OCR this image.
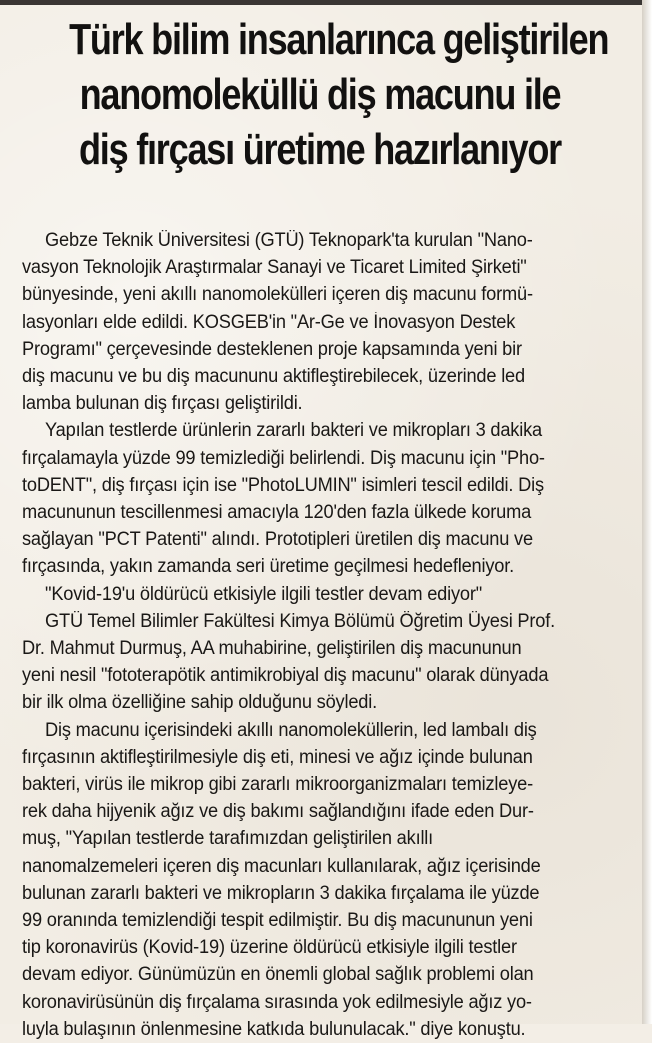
Türk bilim insanlarınca geliştirilen
nanomoleküllü diş macunu ile
diş fırçası üretime hazırlanıyor
Gebze Teknik Üniversitesi (GTÜ) Teknopark'ta kurulan "Nano-
vasyon Teknolojik Araştırmalar Sanayi ve Ticaret Limited Şirketi"
bünyesinde, yeni akıllı nanomolekülleri içeren diş macunu formü-
lasyonları elde edildi. KOSGEB'in "Ar-Ge ve İnovasyon Destek
Programı" çerçevesinde desteklenen proje kapsamında yeni bir
diş macunu ve bu diş macununu aktifleştirebilecek, üzerinde led
lamba bulunan diş fırçası geliştirildi.
Yapılan testlerde ürünlerin zararlı bakteri ve mikropları 3 dakika
fırçalamayla yüzde 99 temizlediği belirlendi. Diş macunu için "Pho-
toDENT", diş fırçası için ise "PhotoLUMIN" isimleri tescil edildi. Diş
macununun tescillenmesi amacıyla 120'den fazla ülkede koruma
sağlayan "PCT Patenti" alındı. Prototipleri üretilen diş macunu ve
fırçasında, yakın zamanda seri üretime geçilmesi hedefleniyor.
"Kovid-19'u öldürücü etkisiyle ilgili testler devam ediyor"
GTÜ Temel Bilimler Fakültesi Kimya Bölümü Öğretim Üyesi Prof.
Dr. Mahmut Durmuş, AA muhabirine, geliştirilen diş macununun
yeni nesil "fototerapötik antimikrobiyal diş macunu" olarak dünyada
bir ilk olma özelliğine sahip olduğunu söyledi.
Diş macunu içerisindeki akıllı nanomoleküllerin, led lambalı diş
fırçasının aktifleştirilmesiyle diş eti, minesi ve ağız içinde bulunan
bakteri, virüs ile mikrop gibi zararlı mikroorganizmaları temizleye-
rek daha hijyenik ağız ve diş bakımı sağlandığını ifade eden Dur-
muş, "Yapılan testlerde tarafımızdan geliştirilen akıllı
nanomalzemeleri içeren diş macunları kullanılarak, ağız içerisinde
bulunan zararlı bakteri ve mikropların 3 dakika fırçalama ile yüzde
99 oranında temizlendiği tespit edilmiştir. Bu diş macununun yeni
tip koronavirüs (Kovid-19) üzerine öldürücü etkisiyle ilgili testler
devam ediyor. Günümüzün en önemli global sağlık problemi olan
koronavirüsünün diş fırçalama sırasında yok edilmesiyle ağız yo-
luyla bulaşının önlenmesine katkıda bulunulacak." diye konuştu.
